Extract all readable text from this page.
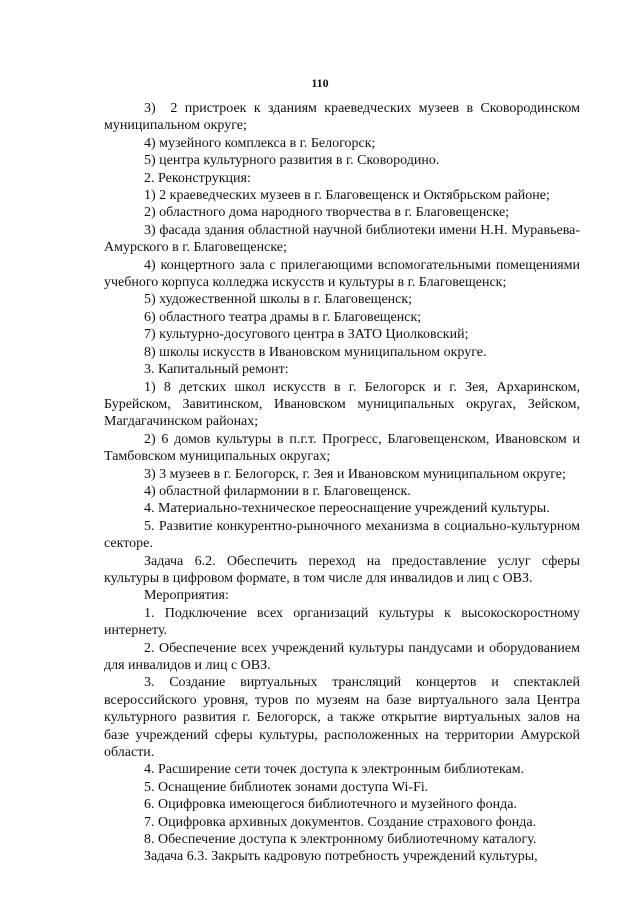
110

3)  2 пристроек к зданиям краеведческих музеев в Сковородинском муниципальном округе;

4) музейного комплекса в г. Белогорск;

5) центра культурного развития в г. Сковородино.

2. Реконструкция:

1) 2 краеведческих музеев в г. Благовещенск и Октябрьском районе;

2) областного дома народного творчества в г. Благовещенске;

3) фасада здания областной научной библиотеки имени Н.Н. Муравьева-Амурского в г. Благовещенске;

4) концертного зала с прилегающими вспомогательными помещениями учебного корпуса колледжа искусств и культуры в г. Благовещенск;

5) художественной школы в г. Благовещенск;

6) областного театра драмы в г. Благовещенск;

7) культурно-досугового центра в ЗАТО Циолковский;

8) школы искусств в Ивановском муниципальном округе.

3. Капитальный ремонт:

1) 8 детских школ искусств в г. Белогорск и г. Зея, Архаринском, Бурейском, Завитинском, Ивановском муниципальных округах, Зейском, Магдагачинском районах;

2) 6 домов культуры в п.г.т. Прогресс, Благовещенском, Ивановском и Тамбовском муниципальных округах;

3) 3 музеев в г. Белогорск, г. Зея и Ивановском муниципальном округе;

4) областной филармонии в г. Благовещенск.

4. Материально-техническое переоснащение учреждений культуры.

5. Развитие конкурентно-рыночного механизма в социально-культурном секторе.

Задача 6.2. Обеспечить переход на предоставление услуг сферы культуры в цифровом формате, в том числе для инвалидов и лиц с ОВЗ.

Мероприятия:

1. Подключение всех организаций культуры к высокоскоростному интернету.

2. Обеспечение всех учреждений культуры пандусами и оборудованием для инвалидов и лиц с ОВЗ.

3. Создание виртуальных трансляций концертов и спектаклей всероссийского уровня, туров по музеям на базе виртуального зала Центра культурного развития г. Белогорск, а также открытие виртуальных залов на базе учреждений сферы культуры, расположенных на территории Амурской области.

4. Расширение сети точек доступа к электронным библиотекам.

5. Оснащение библиотек зонами доступа Wi-Fi.

6. Оцифровка имеющегося библиотечного и музейного фонда.

7. Оцифровка архивных документов. Создание страхового фонда.

8. Обеспечение доступа к электронному библиотечному каталогу.

Задача 6.3. Закрыть кадровую потребность учреждений культуры,
